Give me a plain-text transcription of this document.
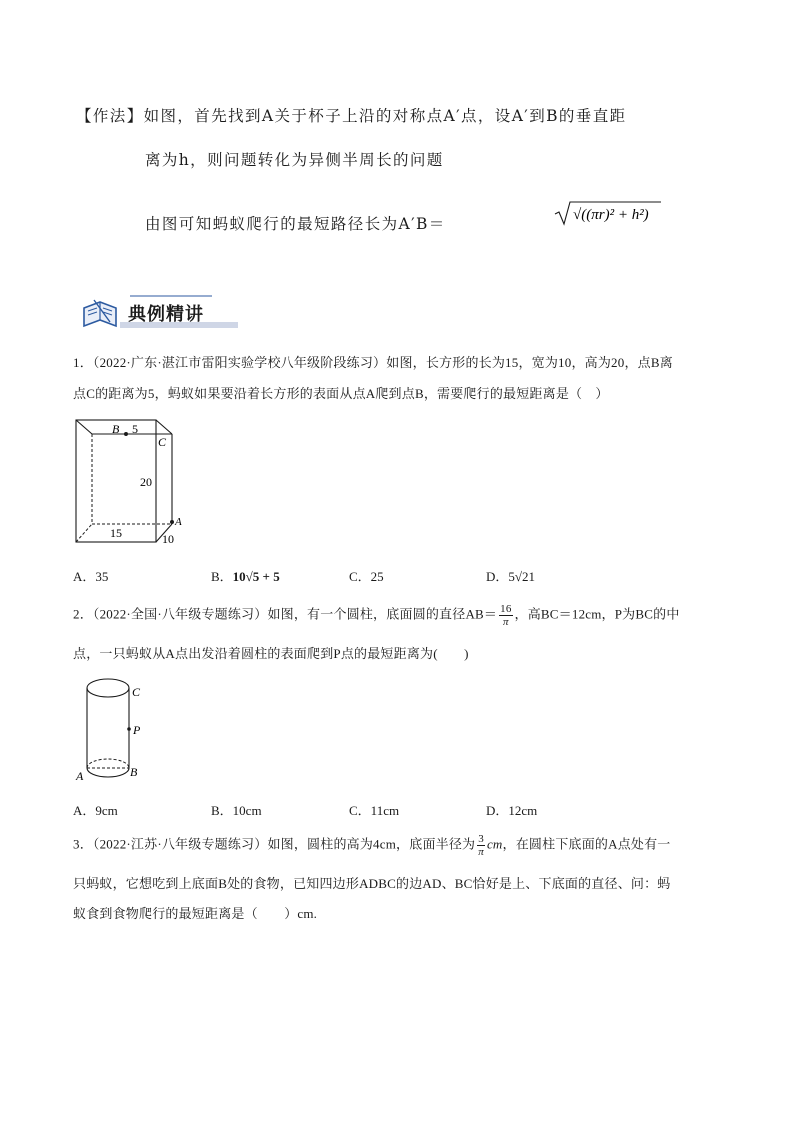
【作法】如图，首先找到A关于杯子上沿的对称点A′点，设A′到B的垂直距
离为h，则问题转化为异侧半周长的问题
由图可知蚂蚁爬行的最短路径长为A′B＝	√((πr)² + h²)
典例精讲
1．（2022·广东·湛江市雷阳实验学校八年级阶段练习）如图，长方形的长为15，宽为10，高为20，点B离
点C的距离为5，蚂蚁如果要沿着长方形的表面从点A爬到点B，需要爬行的最短距离是（　）
B 5
C
20
A
15	10
A．35	B．10√5 + 5	C．25	D．5√21
2．（2022·全国·八年级专题练习）如图，有一个圆柱，底面圆的直径$AB= \frac{16}{\pi}$ ，高BC＝12cm，P为BC的中
点，一只蚂蚁从A点出发沿着圆柱的表面爬到P点的最短距离为(　　)
C
P
A	B
A．9cm	B．10cm	C．11cm	D．12cm
3．（2022·江苏·八年级专题练习）如图，圆柱的高为4cm，底面半径为 $\frac{3}{\pi}$ cm，在圆柱下底面的A点处有一
只蚂蚁，它想吃到上底面B处的食物，已知四边形ADBC的边AD、BC恰好是上、下底面的直径、问：蚂
蚁食到食物爬行的最短距离是（　　）cm.
